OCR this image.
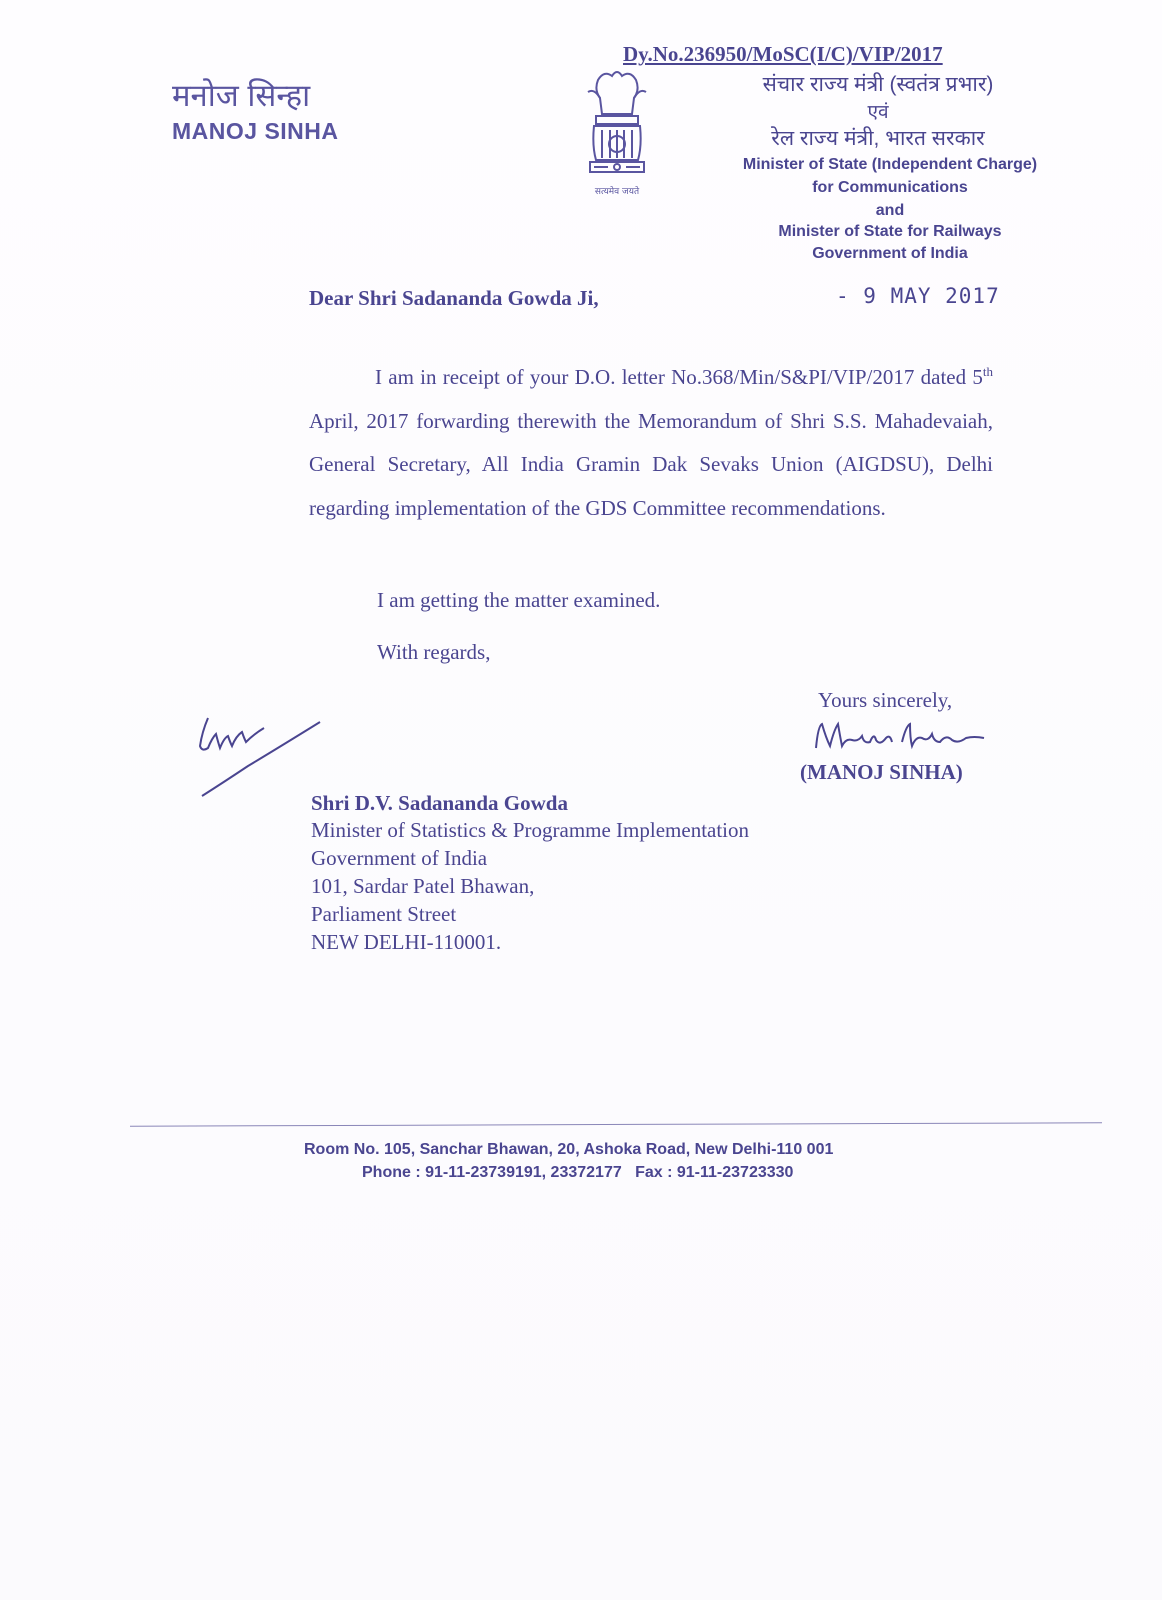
मनोज सिन्हा
MANOJ SINHA
Dy.No.236950/MoSC(I/C)/VIP/2017
सत्यमेव जयते
संचार राज्य मंत्री (स्वतंत्र प्रभार)
एवं
रेल राज्य मंत्री, भारत सरकार
Minister of State (Independent Charge)
for Communications
and
Minister of State for Railways
Government of India
Dear Shri Sadananda Gowda Ji,	- 9 MAY 2017

I am in receipt of your D.O. letter No.368/Min/S&PI/VIP/2017 dated 5th April, 2017 forwarding therewith the Memorandum of Shri S.S. Mahadevaiah, General Secretary, All India Gramin Dak Sevaks Union (AIGDSU), Delhi regarding implementation of the GDS Committee recommendations.

I am getting the matter examined.
With regards,
Yours sincerely,
(MANOJ SINHA)
Shri D.V. Sadananda Gowda
Minister of Statistics & Programme Implementation
Government of India
101, Sardar Patel Bhawan,
Parliament Street
NEW DELHI-110001.
Room No. 105, Sanchar Bhawan, 20, Ashoka Road, New Delhi-110 001
Phone : 91-11-23739191, 23372177 Fax : 91-11-23723330
